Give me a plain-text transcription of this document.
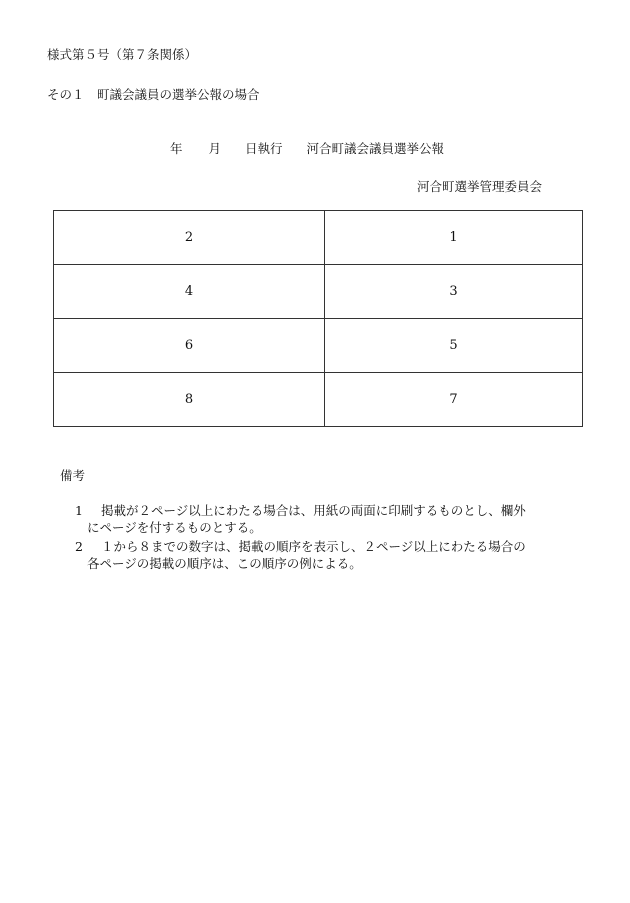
様式第５号（第７条関係）
その１　町議会議員の選挙公報の場合
年 月 日執行 河合町議会議員選挙公報
河合町選挙管理委員会
2	1
4	3
6	5
8	7
備考
1 掲載が２ページ以上にわたる場合は、用紙の両面に印刷するものとし、欄外
にページを付するものとする。
2 １から８までの数字は、掲載の順序を表示し、２ページ以上にわたる場合の
各ページの掲載の順序は、この順序の例による。
